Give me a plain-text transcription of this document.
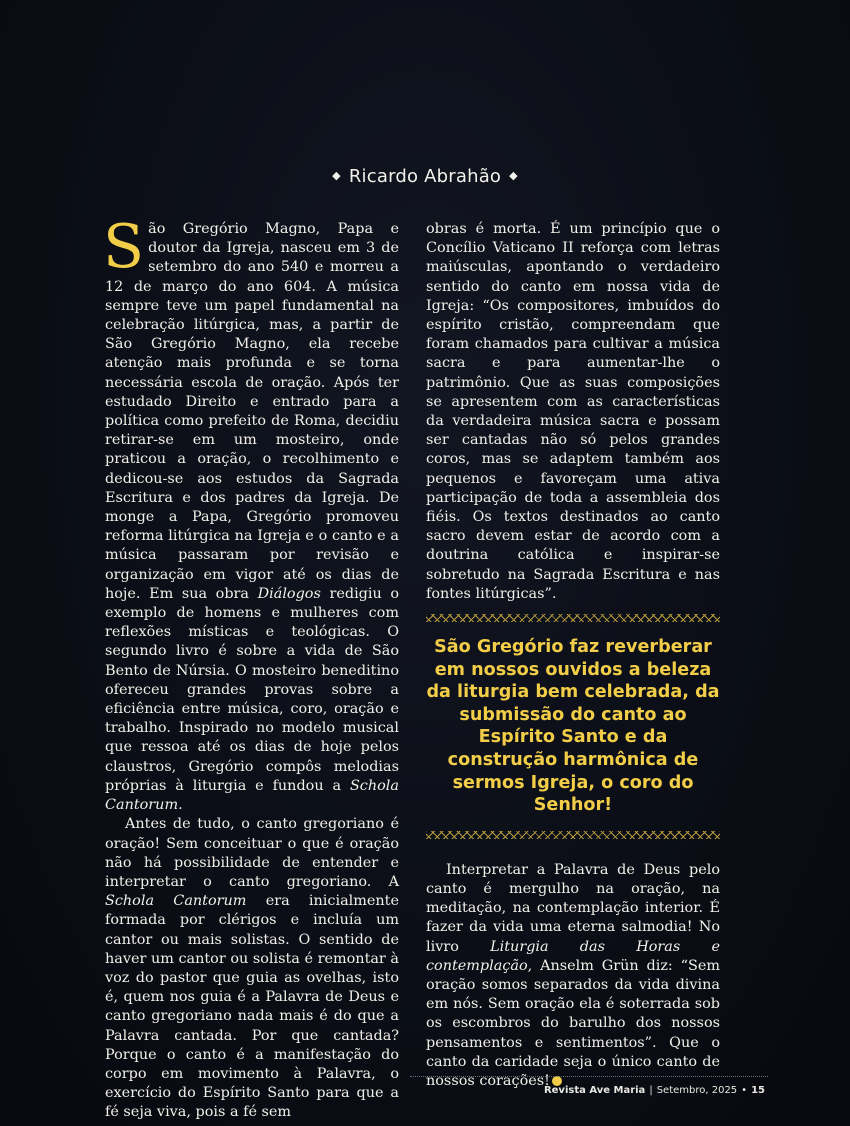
◆ Ricardo Abrahão ◆

São Gregório Magno, Papa e doutor da Igreja, nasceu em 3 de setembro do ano 540 e morreu a 12 de março do ano 604. A música sempre teve um papel fundamental na celebração litúrgica, mas, a partir de São Gregório Magno, ela recebe atenção mais profunda e se torna necessária escola de oração. Após ter estudado Direito e entrado para a política como prefeito de Roma, decidiu retirar-se em um mosteiro, onde praticou a oração, o recolhimento e dedicou-se aos estudos da Sagrada Escritura e dos padres da Igreja. De monge a Papa, Gregório promoveu reforma litúrgica na Igreja e o canto e a música passaram por revisão e organização em vigor até os dias de hoje. Em sua obra Diálogos redigiu o exemplo de homens e mulheres com reflexões místicas e teológicas. O segundo livro é sobre a vida de São Bento de Núrsia. O mosteiro beneditino ofereceu grandes provas sobre a eficiência entre música, coro, oração e trabalho. Inspirado no modelo musical que ressoa até os dias de hoje pelos claustros, Gregório compôs melodias próprias à liturgia e fundou a Schola Cantorum.

Antes de tudo, o canto gregoriano é oração! Sem conceituar o que é oração não há possibilidade de entender e interpretar o canto gregoriano. A Schola Cantorum era inicialmente formada por clérigos e incluía um cantor ou mais solistas. O sentido de haver um cantor ou solista é remontar à voz do pastor que guia as ovelhas, isto é, quem nos guia é a Palavra de Deus e canto gregoriano nada mais é do que a Palavra cantada. Por que cantada? Porque o canto é a manifestação do corpo em movimento à Palavra, o exercício do Espírito Santo para que a fé seja viva, pois a fé sem

obras é morta. É um princípio que o Concílio Vaticano II reforça com letras maiúsculas, apontando o verdadeiro sentido do canto em nossa vida de Igreja: “Os compositores, imbuídos do espírito cristão, compreendam que foram chamados para cultivar a música sacra e para aumentar-lhe o patrimônio. Que as suas composições se apresentem com as características da verdadeira música sacra e possam ser cantadas não só pelos grandes coros, mas se adaptem também aos pequenos e favoreçam uma ativa participação de toda a assembleia dos fiéis. Os textos destinados ao canto sacro devem estar de acordo com a doutrina católica e inspirar-se sobretudo na Sagrada Escritura e nas fontes litúrgicas”.

São Gregório faz reverberar em nossos ouvidos a beleza da liturgia bem celebrada, da submissão do canto ao Espírito Santo e da construção harmônica de sermos Igreja, o coro do Senhor!

Interpretar a Palavra de Deus pelo canto é mergulho na oração, na meditação, na contemplação interior. É fazer da vida uma eterna salmodia! No livro Liturgia das Horas e contemplação, Anselm Grün diz: “Sem oração somos separados da vida divina em nós. Sem oração ela é soterrada sob os escombros do barulho dos nossos pensamentos e sentimentos”. Que o canto da caridade seja o único canto de nossos corações!

Revista Ave Maria | Setembro, 2025 • 15
